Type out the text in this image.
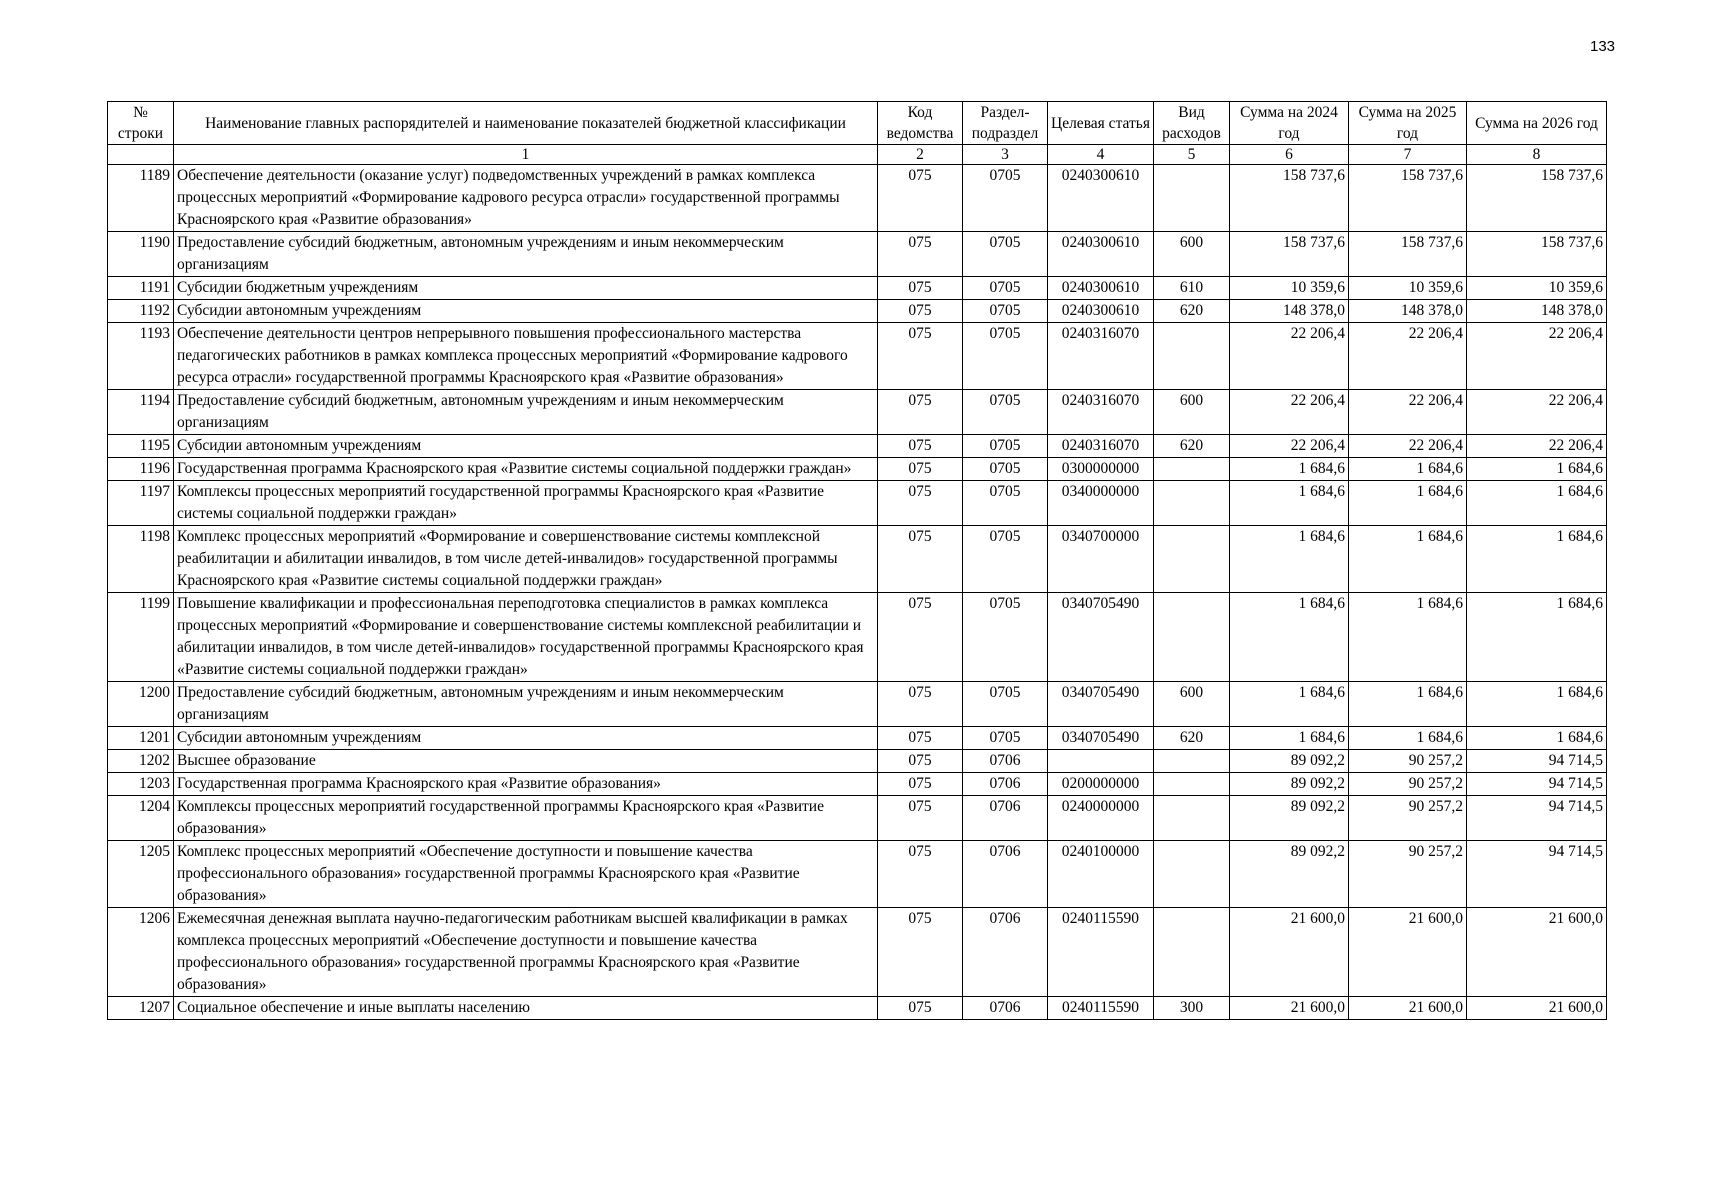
133
№ строки	Наименование главных распорядителей и наименование показателей бюджетной классификации	Код ведомства	Раздел-подраздел	Целевая статья	Вид расходов	Сумма на 2024 год	Сумма на 2025 год	Сумма на 2026 год
	1	2	3	4	5	6	7	8
1189	Обеспечение деятельности (оказание услуг) подведомственных учреждений в рамках комплекса процессных мероприятий «Формирование кадрового ресурса отрасли» государственной программы Красноярского края «Развитие образования»	075	0705	0240300610		158 737,6	158 737,6	158 737,6
1190	Предоставление субсидий бюджетным, автономным учреждениям и иным некоммерческим организациям	075	0705	0240300610	600	158 737,6	158 737,6	158 737,6
1191	Субсидии бюджетным учреждениям	075	0705	0240300610	610	10 359,6	10 359,6	10 359,6
1192	Субсидии автономным учреждениям	075	0705	0240300610	620	148 378,0	148 378,0	148 378,0
1193	Обеспечение деятельности центров непрерывного повышения профессионального мастерства педагогических работников в рамках комплекса процессных мероприятий «Формирование кадрового ресурса отрасли» государственной программы Красноярского края «Развитие образования»	075	0705	0240316070		22 206,4	22 206,4	22 206,4
1194	Предоставление субсидий бюджетным, автономным учреждениям и иным некоммерческим организациям	075	0705	0240316070	600	22 206,4	22 206,4	22 206,4
1195	Субсидии автономным учреждениям	075	0705	0240316070	620	22 206,4	22 206,4	22 206,4
1196	Государственная программа Красноярского края «Развитие системы социальной поддержки граждан»	075	0705	0300000000		1 684,6	1 684,6	1 684,6
1197	Комплексы процессных мероприятий государственной программы Красноярского края «Развитие системы социальной поддержки граждан»	075	0705	0340000000		1 684,6	1 684,6	1 684,6
1198	Комплекс процессных мероприятий «Формирование и совершенствование системы комплексной реабилитации и абилитации инвалидов, в том числе детей-инвалидов» государственной программы Красноярского края «Развитие системы социальной поддержки граждан»	075	0705	0340700000		1 684,6	1 684,6	1 684,6
1199	Повышение квалификации и профессиональная переподготовка специалистов в рамках комплекса процессных мероприятий «Формирование и совершенствование системы комплексной реабилитации и абилитации инвалидов, в том числе детей-инвалидов» государственной программы Красноярского края «Развитие системы социальной поддержки граждан»	075	0705	0340705490		1 684,6	1 684,6	1 684,6
1200	Предоставление субсидий бюджетным, автономным учреждениям и иным некоммерческим организациям	075	0705	0340705490	600	1 684,6	1 684,6	1 684,6
1201	Субсидии автономным учреждениям	075	0705	0340705490	620	1 684,6	1 684,6	1 684,6
1202	Высшее образование	075	0706			89 092,2	90 257,2	94 714,5
1203	Государственная программа Красноярского края «Развитие образования»	075	0706	0200000000		89 092,2	90 257,2	94 714,5
1204	Комплексы процессных мероприятий государственной программы Красноярского края «Развитие образования»	075	0706	0240000000		89 092,2	90 257,2	94 714,5
1205	Комплекс процессных мероприятий «Обеспечение доступности и повышение качества профессионального образования» государственной программы Красноярского края «Развитие образования»	075	0706	0240100000		89 092,2	90 257,2	94 714,5
1206	Ежемесячная денежная выплата научно-педагогическим работникам высшей квалификации в рамках комплекса процессных мероприятий «Обеспечение доступности и повышение качества профессионального образования» государственной программы Красноярского края «Развитие образования»	075	0706	0240115590		21 600,0	21 600,0	21 600,0
1207	Социальное обеспечение и иные выплаты населению	075	0706	0240115590	300	21 600,0	21 600,0	21 600,0
